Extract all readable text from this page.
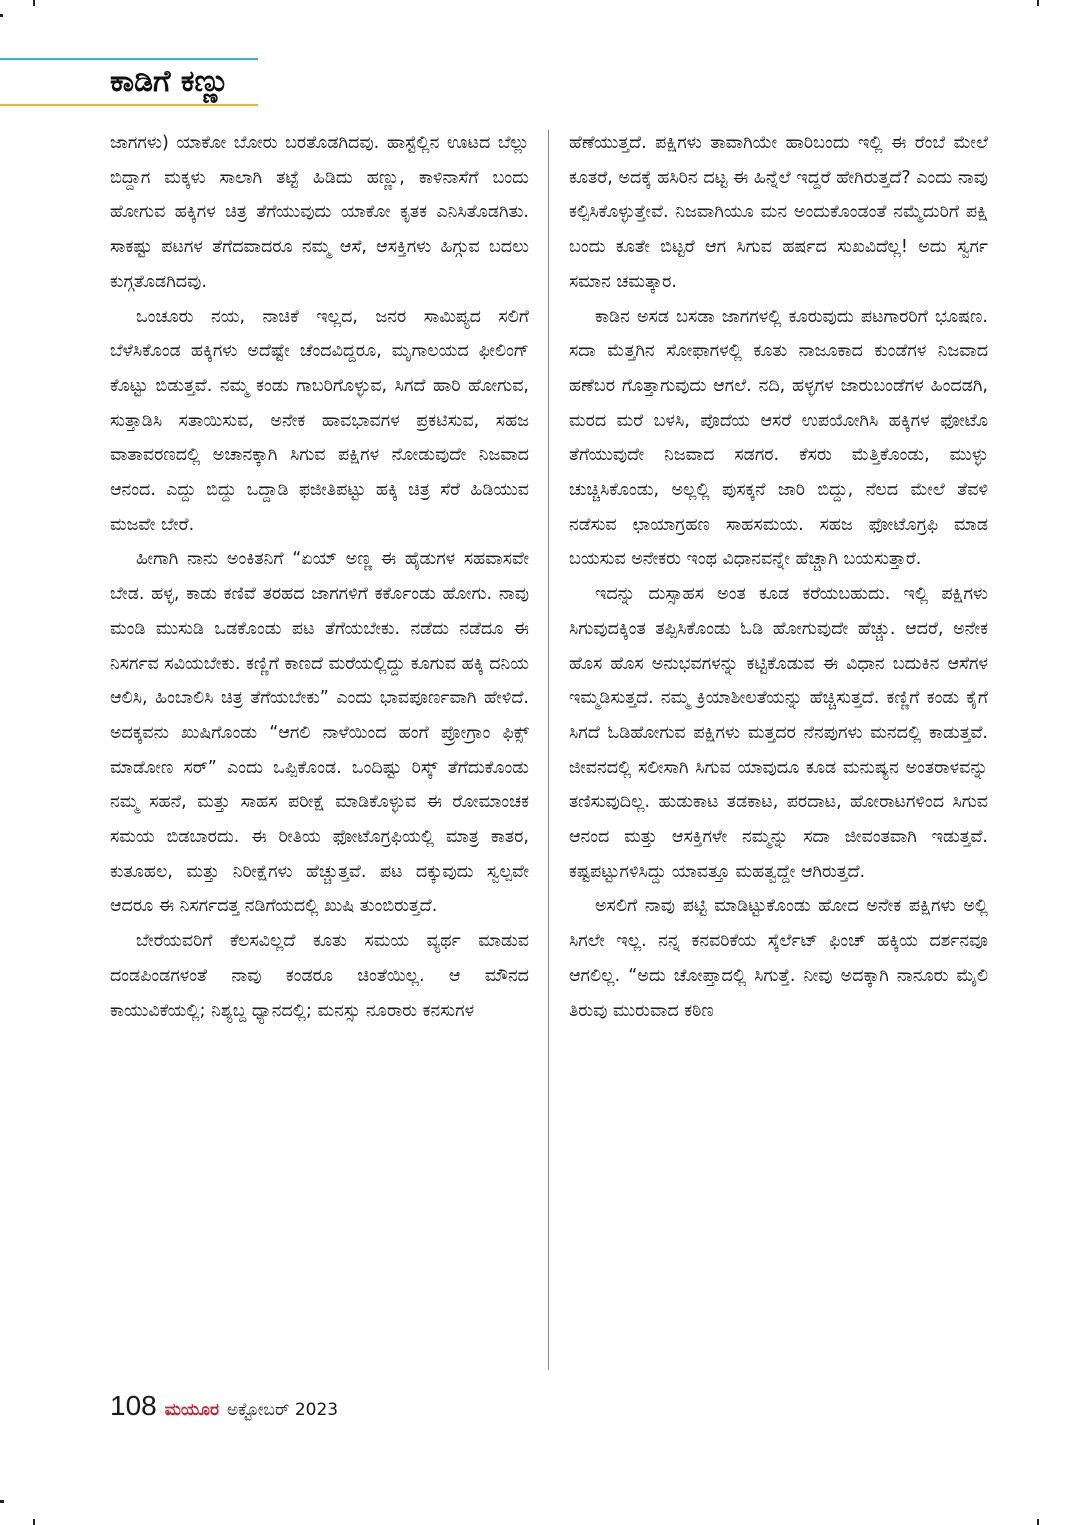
ಕಾಡಿಗೆ ಕಣ್ಣು

ಜಾಗಗಳು) ಯಾಕೋ ಬೋರು ಬರತೊಡಗಿದವು. ಹಾಸ್ಟೆಲ್ಲಿನ ಊಟದ ಬೆಲ್ಲು ಬಿದ್ದಾಗ ಮಕ್ಕಳು ಸಾಲಾಗಿ ತಟ್ಟೆ ಹಿಡಿದು ಹಣ್ಣು, ಕಾಳಿನಾಸೆಗೆ ಬಂದು ಹೋಗುವ ಹಕ್ಕಿಗಳ ಚಿತ್ರ ತೆಗೆಯುವುದು ಯಾಕೋ ಕೃತಕ ಎನಿಸಿತೊಡಗಿತು. ಸಾಕಷ್ಟು ಪಟಗಳ ತೆಗೆದವಾದರೂ ನಮ್ಮ ಆಸೆ, ಆಸಕ್ತಿಗಳು ಹಿಗ್ಗುವ ಬದಲು ಕುಗ್ಗತೊಡಗಿದವು.

ಒಂಚೂರು ನಯ, ನಾಚಿಕೆ ಇಲ್ಲದ, ಜನರ ಸಾಮಿಪ್ಯದ ಸಲಿಗೆ ಬೆಳೆಸಿಕೊಂಡ ಹಕ್ಕಿಗಳು ಅದೆಷ್ಟೇ ಚೆಂದವಿದ್ದರೂ, ಮೃಗಾಲಯದ ಫೀಲಿಂಗ್ ಕೊಟ್ಟು ಬಿಡುತ್ತವೆ. ನಮ್ಮ ಕಂಡು ಗಾಬರಿಗೊಳ್ಳುವ, ಸಿಗದೆ ಹಾರಿ ಹೋಗುವ, ಸುತ್ತಾಡಿಸಿ ಸತಾಯಿಸುವ, ಅನೇಕ ಹಾವಭಾವಗಳ ಪ್ರಕಟಿಸುವ, ಸಹಜ ವಾತಾವರಣದಲ್ಲಿ ಅಚಾನಕ್ಕಾಗಿ ಸಿಗುವ ಪಕ್ಷಿಗಳ ನೋಡುವುದೇ ನಿಜವಾದ ಆನಂದ. ಎದ್ದು ಬಿದ್ದು ಒದ್ದಾಡಿ ಫಜೀತಿಪಟ್ಟು ಹಕ್ಕಿ ಚಿತ್ರ ಸೆರೆ ಹಿಡಿಯುವ ಮಜವೇ ಬೇರೆ.

ಹೀಗಾಗಿ ನಾನು ಅಂಕಿತನಿಗೆ “ಏಯ್ ಅಣ್ಣ ಈ ಹೈಡುಗಳ ಸಹವಾಸವೇ ಬೇಡ. ಹಳ್ಳ, ಕಾಡು ಕಣಿವೆ ತರಹದ ಜಾಗಗಳಿಗೆ ಕರ್ಕೊಂಡು ಹೋಗು. ನಾವು ಮಂಡಿ ಮುಸುಡಿ ಒಡಕೊಂಡು ಪಟ ತೆಗೆಯಬೇಕು. ನಡೆದು ನಡೆದೂ ಈ ನಿಸರ್ಗವ ಸವಿಯಬೇಕು. ಕಣ್ಣಿಗೆ ಕಾಣದೆ ಮರೆಯಲ್ಲಿದ್ದು ಕೂಗುವ ಹಕ್ಕಿ ದನಿಯ ಆಲಿಸಿ, ಹಿಂಬಾಲಿಸಿ ಚಿತ್ರ ತೆಗೆಯಬೇಕು” ಎಂದು ಭಾವಪೂರ್ಣವಾಗಿ ಹೇಳಿದೆ. ಅದಕ್ಕವನು ಖುಷಿಗೊಂಡು “ಆಗಲಿ ನಾಳೆಯಿಂದ ಹಂಗೆ ಪ್ರೋಗ್ರಾಂ ಫಿಕ್ಸ್ ಮಾಡೋಣ ಸರ್” ಎಂದು ಒಪ್ಪಿಕೊಂಡ. ಒಂದಿಷ್ಟು ರಿಸ್ಕ್ ತೆಗೆದುಕೊಂಡು ನಮ್ಮ ಸಹನೆ, ಮತ್ತು ಸಾಹಸ ಪರೀಕ್ಷೆ ಮಾಡಿಕೊಳ್ಳುವ ಈ ರೋಮಾಂಚಕ ಸಮಯ ಬಿಡಬಾರದು. ಈ ರೀತಿಯ ಫೋಟೊಗ್ರಫಿಯಲ್ಲಿ ಮಾತ್ರ ಕಾತರ, ಕುತೂಹಲ, ಮತ್ತು ನಿರೀಕ್ಷೆಗಳು ಹೆಚ್ಚುತ್ತವೆ. ಪಟ ದಕ್ಕುವುದು ಸ್ವಲ್ಪವೇ ಆದರೂ ಈ ನಿಸರ್ಗದತ್ತ ನಡಿಗೆಯದಲ್ಲಿ ಖುಷಿ ತುಂಬಿರುತ್ತದೆ.

ಬೇರೆಯವರಿಗೆ ಕೆಲಸವಿಲ್ಲದೆ ಕೂತು ಸಮಯ ವ್ಯರ್ಥ ಮಾಡುವ ದಂಡಪಿಂಡಗಳಂತೆ ನಾವು ಕಂಡರೂ ಚಿಂತೆಯಿಲ್ಲ. ಆ ಮೌನದ ಕಾಯುವಿಕೆಯಲ್ಲಿ; ನಿಶ್ಯಬ್ದ ಧ್ಯಾನದಲ್ಲಿ; ಮನಸ್ಸು ನೂರಾರು ಕನಸುಗಳ

ಹೆಣೆಯುತ್ತದೆ. ಪಕ್ಷಿಗಳು ತಾವಾಗಿಯೇ ಹಾರಿಬಂದು ಇಲ್ಲಿ ಈ ರೆಂಬೆ ಮೇಲೆ ಕೂತರೆ, ಅದಕ್ಕೆ ಹಸಿರಿನ ದಟ್ಟ ಈ ಹಿನ್ನೆಲೆ ಇದ್ದರೆ ಹೇಗಿರುತ್ತದೆ? ಎಂದು ನಾವು ಕಲ್ಪಿಸಿಕೊಳ್ಳುತ್ತೇವೆ. ನಿಜವಾಗಿಯೂ ಮನ ಅಂದುಕೊಂಡಂತೆ ನಮ್ಮೆದುರಿಗೆ ಪಕ್ಷಿ ಬಂದು ಕೂತೇ ಬಿಟ್ಟರೆ ಆಗ ಸಿಗುವ ಹರ್ಷದ ಸುಖವಿದೆಲ್ಲ! ಅದು ಸ್ವರ್ಗ ಸಮಾನ ಚಮತ್ಕಾರ.

ಕಾಡಿನ ಅಸಡ ಬಸಡಾ ಜಾಗಗಳಲ್ಲಿ ಕೂರುವುದು ಪಟಗಾರರಿಗೆ ಭೂಷಣ. ಸದಾ ಮೆತ್ತಗಿನ ಸೋಫಾಗಳಲ್ಲಿ ಕೂತು ನಾಜೂಕಾದ ಕುಂಡೆಗಳ ನಿಜವಾದ ಹಣೆಬರ ಗೊತ್ತಾಗುವುದು ಆಗಲೆ. ನದಿ, ಹಳ್ಳಗಳ ಜಾರುಬಂಡೆಗಳ ಹಿಂದಡಗಿ, ಮರದ ಮರೆ ಬಳಸಿ, ಪೊದೆಯ ಆಸರೆ ಉಪಯೋಗಿಸಿ ಹಕ್ಕಿಗಳ ಫೋಟೊ ತೆಗೆಯುವುದೇ ನಿಜವಾದ ಸಡಗರ. ಕೆಸರು ಮೆತ್ತಿಕೊಂಡು, ಮುಳ್ಳು ಚುಚ್ಚಿಸಿಕೊಂಡು, ಅಲ್ಲಲ್ಲಿ ಪುಸಕ್ಕನೆ ಜಾರಿ ಬಿದ್ದು, ನೆಲದ ಮೇಲೆ ತೆವಳಿ ನಡೆಸುವ ಛಾಯಾಗ್ರಹಣ ಸಾಹಸಮಯ. ಸಹಜ ಫೋಟೊಗ್ರಫಿ ಮಾಡ ಬಯಸುವ ಅನೇಕರು ಇಂಥ ವಿಧಾನವನ್ನೇ ಹೆಚ್ಚಾಗಿ ಬಯಸುತ್ತಾರೆ.

ಇದನ್ನು ದುಸ್ಸಾಹಸ ಅಂತ ಕೂಡ ಕರೆಯಬಹುದು. ಇಲ್ಲಿ ಪಕ್ಷಿಗಳು ಸಿಗುವುದಕ್ಕಿಂತ ತಪ್ಪಿಸಿಕೊಂಡು ಓಡಿ ಹೋಗುವುದೇ ಹೆಚ್ಚು. ಆದರೆ, ಅನೇಕ ಹೊಸ ಹೊಸ ಅನುಭವಗಳನ್ನು ಕಟ್ಟಿಕೊಡುವ ಈ ವಿಧಾನ ಬದುಕಿನ ಆಸೆಗಳ ಇಮ್ಮಡಿಸುತ್ತದೆ. ನಮ್ಮ ಕ್ರಿಯಾಶೀಲತೆಯನ್ನು ಹೆಚ್ಚಿಸುತ್ತದೆ. ಕಣ್ಣಿಗೆ ಕಂಡು ಕೈಗೆ ಸಿಗದೆ ಓಡಿಹೋಗುವ ಪಕ್ಷಿಗಳು ಮತ್ತದರ ನೆನಪುಗಳು ಮನದಲ್ಲಿ ಕಾಡುತ್ತವೆ. ಜೀವನದಲ್ಲಿ ಸಲೀಸಾಗಿ ಸಿಗುವ ಯಾವುದೂ ಕೂಡ ಮನುಷ್ಯನ ಅಂತರಾಳವನ್ನು ತಣಿಸುವುದಿಲ್ಲ. ಹುಡುಕಾಟ ತಡಕಾಟ, ಪರದಾಟ, ಹೋರಾಟಗಳಿಂದ ಸಿಗುವ ಆನಂದ ಮತ್ತು ಆಸಕ್ತಿಗಳೇ ನಮ್ಮನ್ನು ಸದಾ ಜೀವಂತವಾಗಿ ಇಡುತ್ತವೆ. ಕಷ್ಟಪಟ್ಟುಗಳಿಸಿದ್ದು ಯಾವತ್ತೂ ಮಹತ್ವದ್ದೇ ಆಗಿರುತ್ತದೆ.

ಅಸಲಿಗೆ ನಾವು ಪಟ್ಟಿ ಮಾಡಿಟ್ಟುಕೊಂಡು ಹೋದ ಅನೇಕ ಪಕ್ಷಿಗಳು ಅಲ್ಲಿ ಸಿಗಲೇ ಇಲ್ಲ. ನನ್ನ ಕನವರಿಕೆಯ ಸ್ಕೆರ್ಲೆಟ್ ಫಿಂಚ್ ಹಕ್ಕಿಯ ದರ್ಶನವೂ ಆಗಲಿಲ್ಲ. “ಅದು ಚೋಪ್ತಾದಲ್ಲಿ ಸಿಗುತ್ತೆ. ನೀವು ಅದಕ್ಕಾಗಿ ನಾನೂರು ಮೈಲಿ ತಿರುವು ಮುರುವಾದ ಕಠಿಣ

108 ಮಯೂರ ಅಕ್ಟೋಬರ್ 2023
